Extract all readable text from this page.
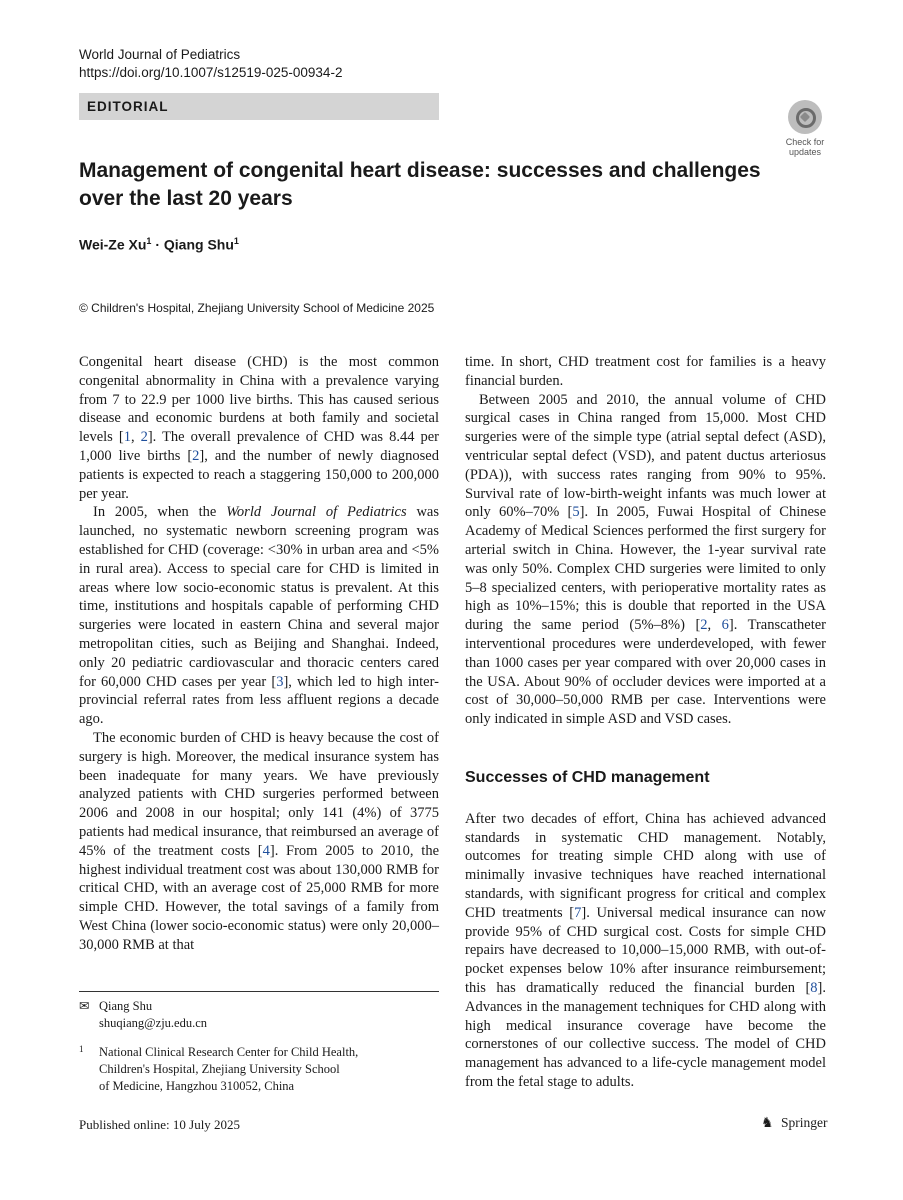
World Journal of Pediatrics
https://doi.org/10.1007/s12519-025-00934-2
EDITORIAL
Check for
updates
Management of congenital heart disease: successes and challenges over the last 20 years
Wei-Ze $Xu^1$ · Qiang Shu$^1$
© Children's Hospital, Zhejiang University School of Medicine 2025

Congenital heart disease (CHD) is the most common congenital abnormality in China with a prevalence varying from 7 to 22.9 per 1000 live births. This has caused serious disease and economic burdens at both family and societal levels [1, 2]. The overall prevalence of CHD was 8.44 per 1,000 live births [2], and the number of newly diagnosed patients is expected to reach a staggering 150,000 to 200,000 per year.

In 2005, when the World Journal of Pediatrics was launched, no systematic newborn screening program was established for CHD (coverage: <30% in urban area and <5% in rural area). Access to special care for CHD is limited in areas where low socio-economic status is prevalent. At this time, institutions and hospitals capable of performing CHD surgeries were located in eastern China and several major metropolitan cities, such as Beijing and Shanghai. Indeed, only 20 pediatric cardiovascular and thoracic centers cared for 60,000 CHD cases per year [3], which led to high inter-provincial referral rates from less affluent regions a decade ago.

The economic burden of CHD is heavy because the cost of surgery is high. Moreover, the medical insurance system has been inadequate for many years. We have previously analyzed patients with CHD surgeries performed between 2006 and 2008 in our hospital; only 141 (4%) of 3775 patients had medical insurance, that reimbursed an average of 45% of the treatment costs [4]. From 2005 to 2010, the highest individual treatment cost was about 130,000 RMB for critical CHD, with an average cost of 25,000 RMB for more simple CHD. However, the total savings of a family from West China (lower socio-economic status) were only 20,000–30,000 RMB at that

time. In short, CHD treatment cost for families is a heavy financial burden.

Between 2005 and 2010, the annual volume of CHD surgical cases in China ranged from 15,000. Most CHD surgeries were of the simple type (atrial septal defect (ASD), ventricular septal defect (VSD), and patent ductus arteriosus (PDA)), with success rates ranging from 90% to 95%. Survival rate of low-birth-weight infants was much lower at only 60%–70% [5]. In 2005, Fuwai Hospital of Chinese Academy of Medical Sciences performed the first surgery for arterial switch in China. However, the 1-year survival rate was only 50%. Complex CHD surgeries were limited to only 5–8 specialized centers, with perioperative mortality rates as high as 10%–15%; this is double that reported in the USA during the same period (5%–8%) [2, 6]. Transcatheter interventional procedures were underdeveloped, with fewer than 1000 cases per year compared with over 20,000 cases in the USA. About 90% of occluder devices were imported at a cost of 30,000–50,000 RMB per case. Interventions were only indicated in simple ASD and VSD cases.

Successes of CHD management

After two decades of effort, China has achieved advanced standards in systematic CHD management. Notably, outcomes for treating simple CHD along with use of minimally invasive techniques have reached international standards, with significant progress for critical and complex CHD treatments [7]. Universal medical insurance can now provide 95% of CHD surgical cost. Costs for simple CHD repairs have decreased to 10,000–15,000 RMB, with out-of-pocket expenses below 10% after insurance reimbursement; this has dramatically reduced the financial burden [8]. Advances in the management techniques for CHD along with high medical insurance coverage have become the cornerstones of our collective success. The model of CHD management has advanced to a life-cycle management model from the fetal stage to adults.

✉ Qiang Shu
shuqiang@zju.edu.cn
1 National Clinical Research Center for Child Health,
Children's Hospital, Zhejiang University School
of Medicine, Hangzhou 310052, China
Published online: 10 July 2025	♞ Springer
